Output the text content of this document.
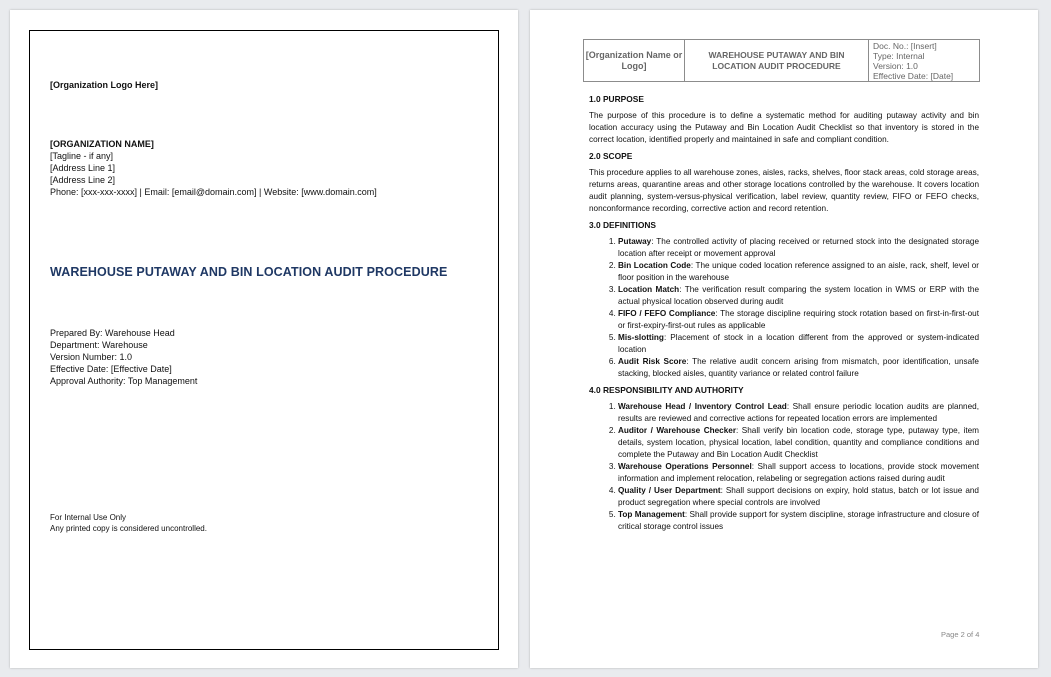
[Organization Logo Here]
[ORGANIZATION NAME]
[Tagline - if any]
[Address Line 1]
[Address Line 2]
Phone: [xxx-xxx-xxxx] | Email: [email@domain.com] | Website: [www.domain.com]
WAREHOUSE PUTAWAY AND BIN LOCATION AUDIT PROCEDURE
Prepared By: Warehouse Head
Department: Warehouse
Version Number: 1.0
Effective Date: [Effective Date]
Approval Authority: Top Management
For Internal Use Only
Any printed copy is considered uncontrolled.
[Organization Name or Logo]
WAREHOUSE PUTAWAY AND BIN LOCATION AUDIT PROCEDURE
Doc. No.: [Insert]
Type: Internal
Version: 1.0
Effective Date: [Date]
1.0 PURPOSE

The purpose of this procedure is to define a systematic method for auditing putaway activity and bin location accuracy using the Putaway and Bin Location Audit Checklist so that inventory is stored in the correct location, identified properly and maintained in safe and compliant condition.

2.0 SCOPE

This procedure applies to all warehouse zones, aisles, racks, shelves, floor stack areas, cold storage areas, returns areas, quarantine areas and other storage locations controlled by the warehouse. It covers location audit planning, system-versus-physical verification, label review, quantity review, FIFO or FEFO checks, nonconformance recording, corrective action and record retention.

3.0 DEFINITIONS
1. Putaway: The controlled activity of placing received or returned stock into the designated storage location after receipt or movement approval
2. Bin Location Code: The unique coded location reference assigned to an aisle, rack, shelf, level or floor position in the warehouse
3. Location Match: The verification result comparing the system location in WMS or ERP with the actual physical location observed during audit
4. FIFO / FEFO Compliance: The storage discipline requiring stock rotation based on first-in-first-out or first-expiry-first-out rules as applicable
5. Mis-slotting: Placement of stock in a location different from the approved or system-indicated location
6. Audit Risk Score: The relative audit concern arising from mismatch, poor identification, unsafe stacking, blocked aisles, quantity variance or related control failure
4.0 RESPONSIBILITY AND AUTHORITY
1. Warehouse Head / Inventory Control Lead: Shall ensure periodic location audits are planned, results are reviewed and corrective actions for repeated location errors are implemented
2. Auditor / Warehouse Checker: Shall verify bin location code, storage type, putaway type, item details, system location, physical location, label condition, quantity and compliance conditions and complete the Putaway and Bin Location Audit Checklist
3. Warehouse Operations Personnel: Shall support access to locations, provide stock movement information and implement relocation, relabeling or segregation actions raised during audit
4. Quality / User Department: Shall support decisions on expiry, hold status, batch or lot issue and product segregation where special controls are involved
5. Top Management: Shall provide support for system discipline, storage infrastructure and closure of critical storage control issues
Page 2 of 4
